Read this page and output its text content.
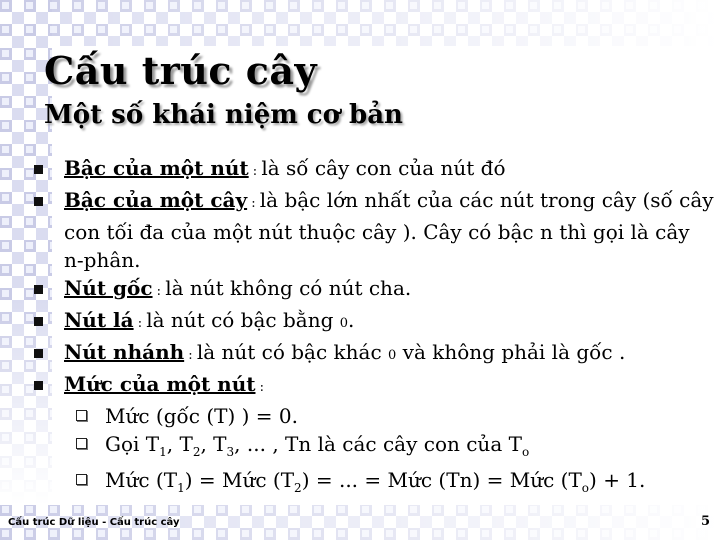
Cấu trúc cây
Một số khái niệm cơ bản
Bậc của một nút : là số cây con của nút đó
Bậc của một cây : là bậc lớn nhất của các nút trong cây (số cây con tối đa của một nút thuộc cây ). Cây có bậc n thì gọi là cây n-phân.
Nút gốc : là nút không có nút cha.
Nút lá : là nút có bậc bằng 0.
Nút nhánh : là nút có bậc khác 0 và không phải là gốc .
Mức của một nút :
Mức (gốc (T) ) = 0.
Gọi $T_1$, $T_2$, $T_3$, ... , Tn là các cây con của $T_o$
Mức $(T_1)$ = Mức $(T_2)$ = ... = Mức (Tn) = Mức $(T_o) + 1$.
Cấu trúc Dữ liệu - Cấu trúc cây	5
